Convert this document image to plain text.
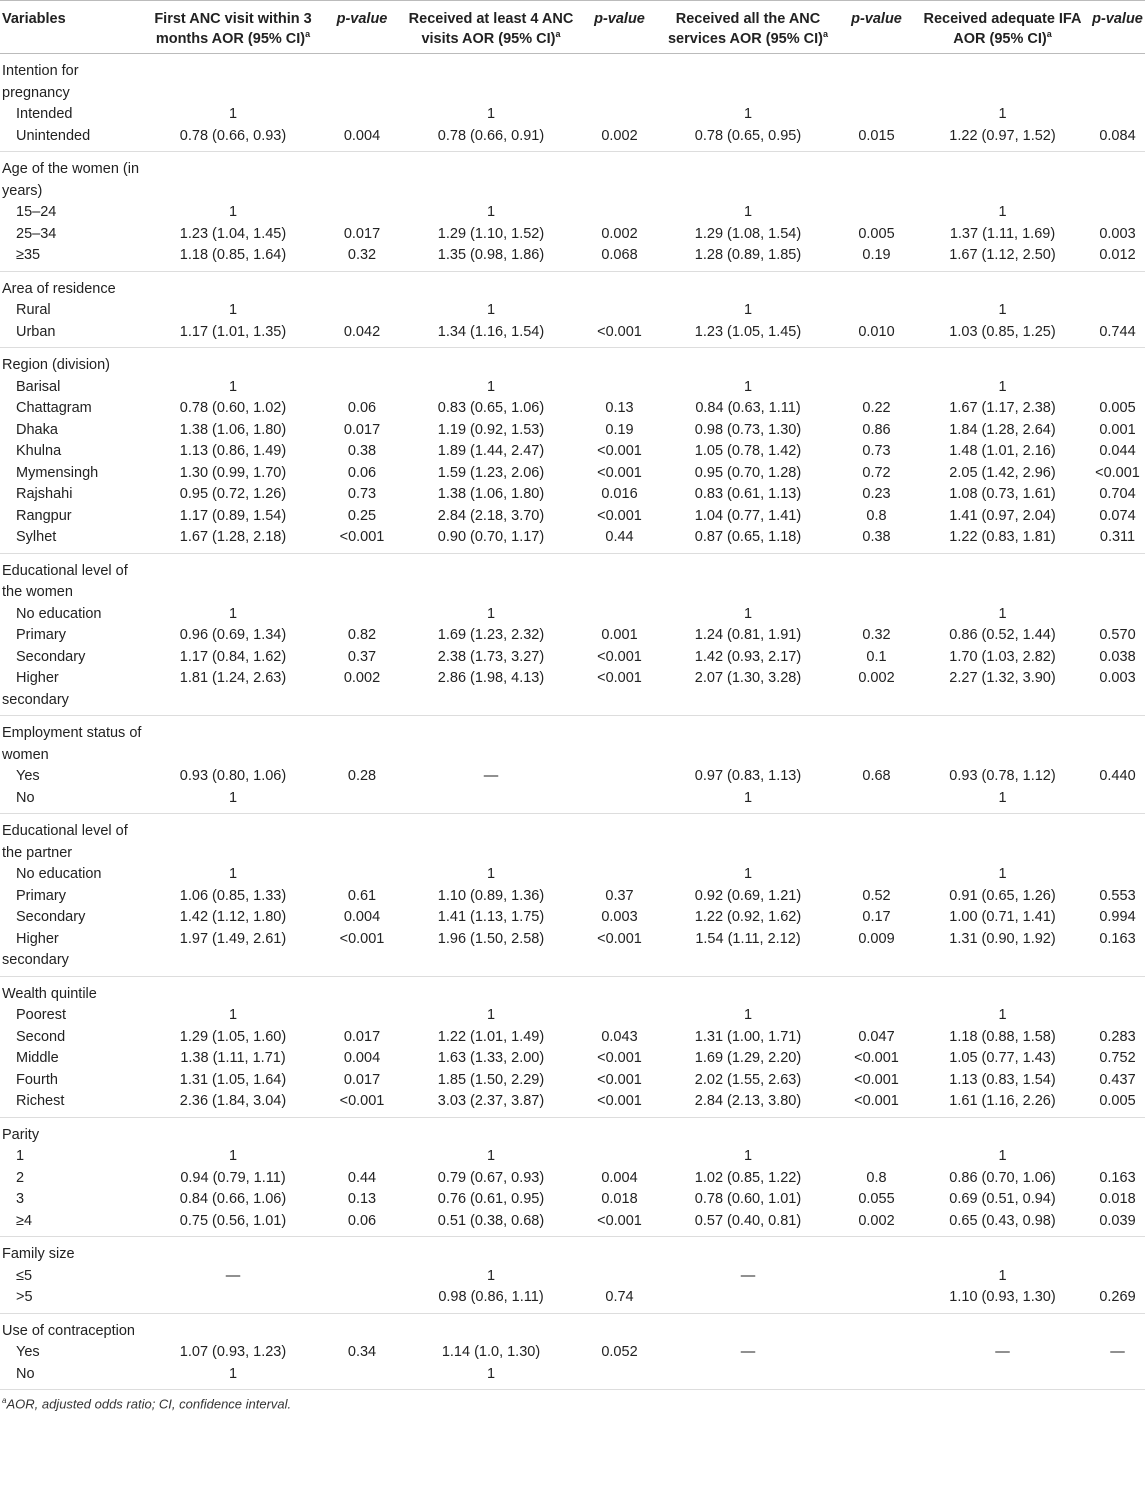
Variables	First ANC visit within 3 months AOR (95% CI)$^a$	p-value	Received at least 4 ANC visits AOR (95% CI)$^a$	p-value	Received all the ANC services AOR (95% CI)$^a$	p-value	Received adequate IFA AOR (95% CI)$^a$	p-value
Intention for pregnancy								
Intended	1		1		1		1	
Unintended	0.78 (0.66, 0.93)	0.004	0.78 (0.66, 0.91)	0.002	0.78 (0.65, 0.95)	0.015	1.22 (0.97, 1.52)	0.084
Age of the women (in years)								
15–24	1		1		1		1	
25–34	1.23 (1.04, 1.45)	0.017	1.29 (1.10, 1.52)	0.002	1.29 (1.08, 1.54)	0.005	1.37 (1.11, 1.69)	0.003
≥35	1.18 (0.85, 1.64)	0.32	1.35 (0.98, 1.86)	0.068	1.28 (0.89, 1.85)	0.19	1.67 (1.12, 2.50)	0.012
Area of residence								
Rural	1		1		1		1	
Urban	1.17 (1.01, 1.35)	0.042	1.34 (1.16, 1.54)	<0.001	1.23 (1.05, 1.45)	0.010	1.03 (0.85, 1.25)	0.744
Region (division)								
Barisal	1		1		1		1	
Chattagram	0.78 (0.60, 1.02)	0.06	0.83 (0.65, 1.06)	0.13	0.84 (0.63, 1.11)	0.22	1.67 (1.17, 2.38)	0.005
Dhaka	1.38 (1.06, 1.80)	0.017	1.19 (0.92, 1.53)	0.19	0.98 (0.73, 1.30)	0.86	1.84 (1.28, 2.64)	0.001
Khulna	1.13 (0.86, 1.49)	0.38	1.89 (1.44, 2.47)	<0.001	1.05 (0.78, 1.42)	0.73	1.48 (1.01, 2.16)	0.044
Mymensingh	1.30 (0.99, 1.70)	0.06	1.59 (1.23, 2.06)	<0.001	0.95 (0.70, 1.28)	0.72	2.05 (1.42, 2.96)	<0.001
Rajshahi	0.95 (0.72, 1.26)	0.73	1.38 (1.06, 1.80)	0.016	0.83 (0.61, 1.13)	0.23	1.08 (0.73, 1.61)	0.704
Rangpur	1.17 (0.89, 1.54)	0.25	2.84 (2.18, 3.70)	<0.001	1.04 (0.77, 1.41)	0.8	1.41 (0.97, 2.04)	0.074
Sylhet	1.67 (1.28, 2.18)	<0.001	0.90 (0.70, 1.17)	0.44	0.87 (0.65, 1.18)	0.38	1.22 (0.83, 1.81)	0.311
Educational level of the women								
No education	1		1		1		1	
Primary	0.96 (0.69, 1.34)	0.82	1.69 (1.23, 2.32)	0.001	1.24 (0.81, 1.91)	0.32	0.86 (0.52, 1.44)	0.570
Secondary	1.17 (0.84, 1.62)	0.37	2.38 (1.73, 3.27)	<0.001	1.42 (0.93, 2.17)	0.1	1.70 (1.03, 2.82)	0.038
Higher	1.81 (1.24, 2.63)	0.002	2.86 (1.98, 4.13)	<0.001	2.07 (1.30, 3.28)	0.002	2.27 (1.32, 3.90)	0.003
secondary								
Employment status of women								
Yes	0.93 (0.80, 1.06)	0.28	—		0.97 (0.83, 1.13)	0.68	0.93 (0.78, 1.12)	0.440
No	1				1		1	
Educational level of the partner								
No education	1		1		1		1	
Primary	1.06 (0.85, 1.33)	0.61	1.10 (0.89, 1.36)	0.37	0.92 (0.69, 1.21)	0.52	0.91 (0.65, 1.26)	0.553
Secondary	1.42 (1.12, 1.80)	0.004	1.41 (1.13, 1.75)	0.003	1.22 (0.92, 1.62)	0.17	1.00 (0.71, 1.41)	0.994
Higher	1.97 (1.49, 2.61)	<0.001	1.96 (1.50, 2.58)	<0.001	1.54 (1.11, 2.12)	0.009	1.31 (0.90, 1.92)	0.163
secondary								
Wealth quintile								
Poorest	1		1		1		1	
Second	1.29 (1.05, 1.60)	0.017	1.22 (1.01, 1.49)	0.043	1.31 (1.00, 1.71)	0.047	1.18 (0.88, 1.58)	0.283
Middle	1.38 (1.11, 1.71)	0.004	1.63 (1.33, 2.00)	<0.001	1.69 (1.29, 2.20)	<0.001	1.05 (0.77, 1.43)	0.752
Fourth	1.31 (1.05, 1.64)	0.017	1.85 (1.50, 2.29)	<0.001	2.02 (1.55, 2.63)	<0.001	1.13 (0.83, 1.54)	0.437
Richest	2.36 (1.84, 3.04)	<0.001	3.03 (2.37, 3.87)	<0.001	2.84 (2.13, 3.80)	<0.001	1.61 (1.16, 2.26)	0.005
Parity								
1	1		1		1		1	
2	0.94 (0.79, 1.11)	0.44	0.79 (0.67, 0.93)	0.004	1.02 (0.85, 1.22)	0.8	0.86 (0.70, 1.06)	0.163
3	0.84 (0.66, 1.06)	0.13	0.76 (0.61, 0.95)	0.018	0.78 (0.60, 1.01)	0.055	0.69 (0.51, 0.94)	0.018
≥4	0.75 (0.56, 1.01)	0.06	0.51 (0.38, 0.68)	<0.001	0.57 (0.40, 0.81)	0.002	0.65 (0.43, 0.98)	0.039
Family size								
≤5	—		1		—		1	
>5			0.98 (0.86, 1.11)	0.74			1.10 (0.93, 1.30)	0.269
Use of contraception								
Yes	1.07 (0.93, 1.23)	0.34	1.14 (1.0, 1.30)	0.052	—		—	—
No	1		1					
$^a$AOR, adjusted odds ratio; CI, confidence interval.
